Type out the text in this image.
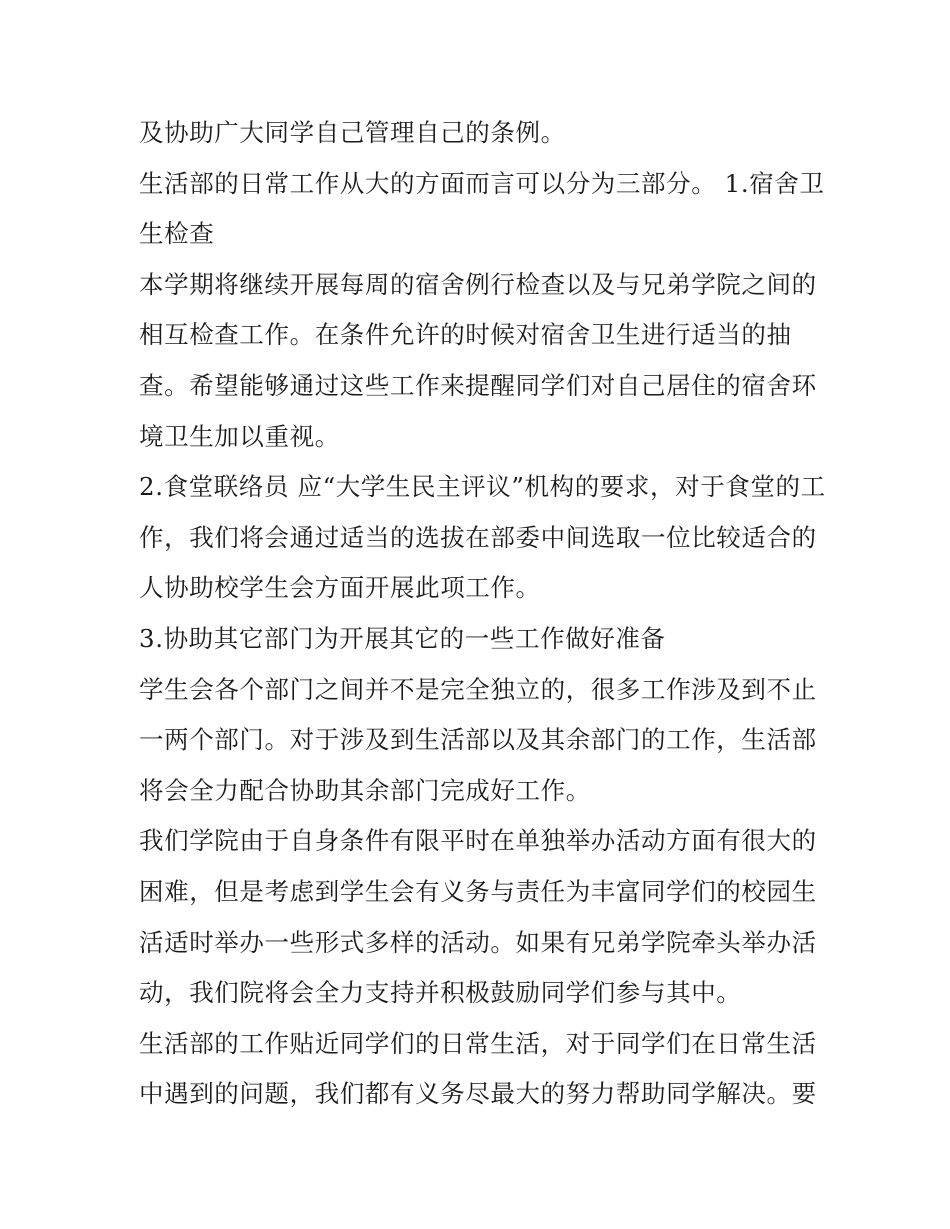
及协助广大同学自己管理自己的条例。
生活部的日常工作从大的方面而言可以分为三部分。 1.宿舍卫
生检查
本学期将继续开展每周的宿舍例行检查以及与兄弟学院之间的
相互检查工作。在条件允许的时候对宿舍卫生进行适当的抽
查。希望能够通过这些工作来提醒同学们对自己居住的宿舍环
境卫生加以重视。
2.食堂联络员 应“大学生民主评议”机构的要求，对于食堂的工
作，我们将会通过适当的选拔在部委中间选取一位比较适合的
人协助校学生会方面开展此项工作。
3.协助其它部门为开展其它的一些工作做好准备
学生会各个部门之间并不是完全独立的，很多工作涉及到不止
一两个部门。对于涉及到生活部以及其余部门的工作，生活部
将会全力配合协助其余部门完成好工作。
我们学院由于自身条件有限平时在单独举办活动方面有很大的
困难，但是考虑到学生会有义务与责任为丰富同学们的校园生
活适时举办一些形式多样的活动。如果有兄弟学院牵头举办活
动，我们院将会全力支持并积极鼓励同学们参与其中。
生活部的工作贴近同学们的日常生活，对于同学们在日常生活
中遇到的问题，我们都有义务尽最大的努力帮助同学解决。要
